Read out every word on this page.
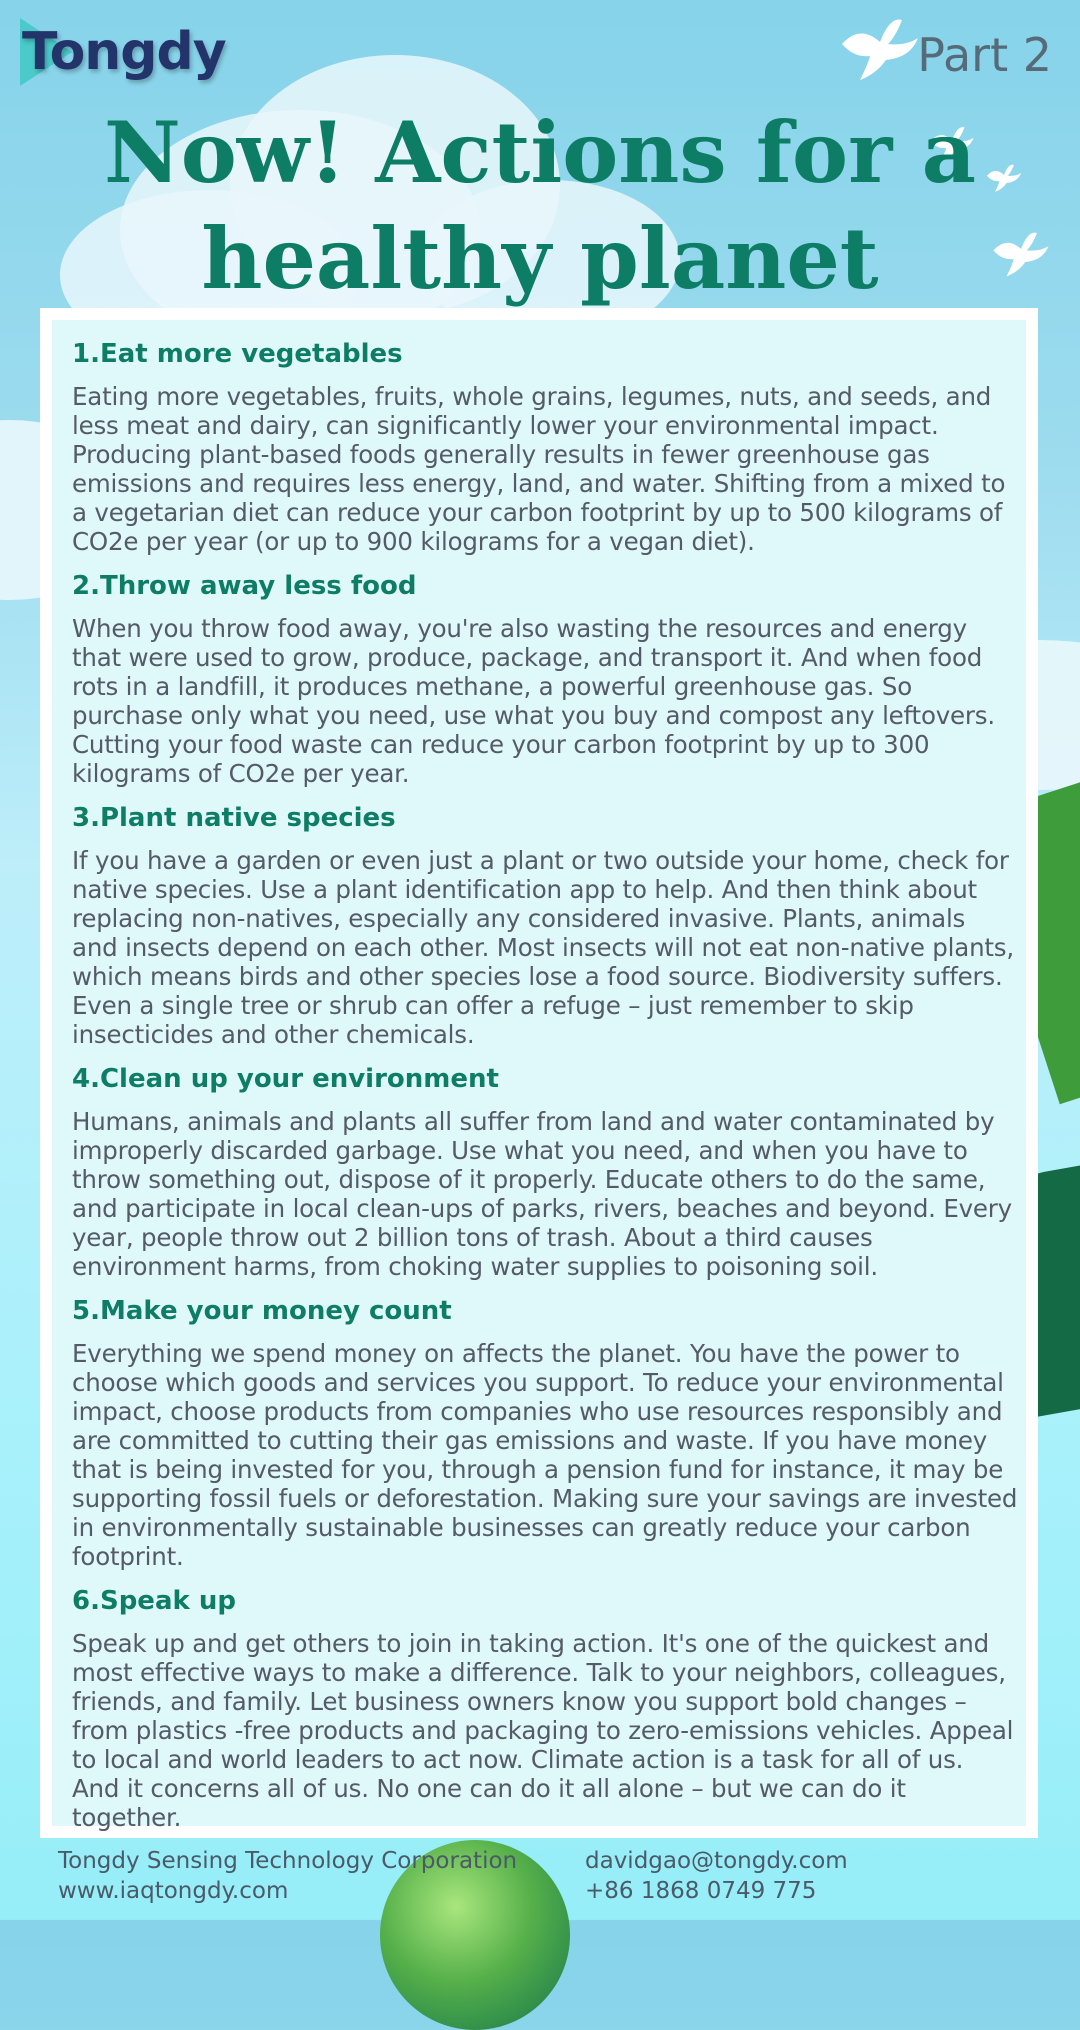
Tongdy	Part 2
Now! Actions for a
healthy planet
1.Eat more vegetables
Eating more vegetables, fruits, whole grains, legumes, nuts, and seeds, and less meat and dairy, can significantly lower your environmental impact. Producing plant-based foods generally results in fewer greenhouse gas emissions and requires less energy, land, and water. Shifting from a mixed to a vegetarian diet can reduce your carbon footprint by up to 500 kilograms of CO2e per year (or up to 900 kilograms for a vegan diet).
2.Throw away less food
When you throw food away, you're also wasting the resources and energy that were used to grow, produce, package, and transport it. And when food rots in a landfill, it produces methane, a powerful greenhouse gas. So purchase only what you need, use what you buy and compost any leftovers. Cutting your food waste can reduce your carbon footprint by up to 300 kilograms of CO2e per year.
3.Plant native species
If you have a garden or even just a plant or two outside your home, check for native species. Use a plant identification app to help. And then think about replacing non-natives, especially any considered invasive. Plants, animals and insects depend on each other. Most insects will not eat non-native plants, which means birds and other species lose a food source. Biodiversity suffers. Even a single tree or shrub can offer a refuge – just remember to skip insecticides and other chemicals.
4.Clean up your environment
Humans, animals and plants all suffer from land and water contaminated by improperly discarded garbage. Use what you need, and when you have to throw something out, dispose of it properly. Educate others to do the same, and participate in local clean-ups of parks, rivers, beaches and beyond. Every year, people throw out 2 billion tons of trash. About a third causes environment harms, from choking water supplies to poisoning soil.
5.Make your money count
Everything we spend money on affects the planet. You have the power to choose which goods and services you support. To reduce your environmental impact, choose products from companies who use resources responsibly and are committed to cutting their gas emissions and waste. If you have money that is being invested for you, through a pension fund for instance, it may be supporting fossil fuels or deforestation. Making sure your savings are invested in environmentally sustainable businesses can greatly reduce your carbon footprint.
6.Speak up
Speak up and get others to join in taking action. It's one of the quickest and most effective ways to make a difference. Talk to your neighbors, colleagues, friends, and family. Let business owners know you support bold changes – from plastics -free products and packaging to zero-emissions vehicles. Appeal to local and world leaders to act now. Climate action is a task for all of us. And it concerns all of us. No one can do it all alone – but we can do it together.
Tongdy Sensing Technology Corporation
www.iaqtongdy.com
davidgao@tongdy.com
+86 1868 0749 775
